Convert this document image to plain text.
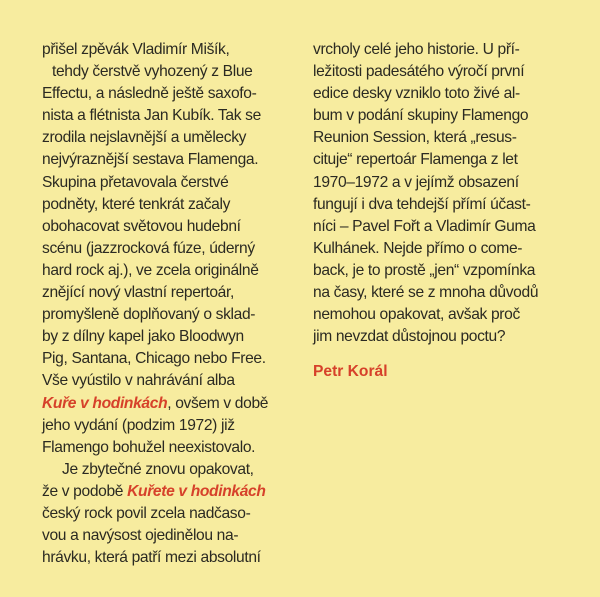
přišel zpěvák Vladimír Mišík,
tehdy čerstvě vyhozený z Blue
Effectu, a následně ještě saxofo-
nista a flétnista Jan Kubík. Tak se
zrodila nejslavnější a umělecky
nejvýraznější sestava Flamenga.
Skupina přetavovala čerstvé
podněty, které tenkrát začaly
obohacovat světovou hudební
scénu (jazzrocková fúze, úderný
hard rock aj.), ve zcela originálně
znějící nový vlastní repertoár,
promyšleně doplňovaný o sklad-
by z dílny kapel jako Bloodwyn
Pig, Santana, Chicago nebo Free.
Vše vyústilo v nahrávání alba
Kuře v hodinkách, ovšem v době
jeho vydání (podzim 1972) již
Flamengo bohužel neexistovalo.
Je zbytečné znovu opakovat,
že v podobě Kuřete v hodinkách
český rock povil zcela nadčaso-
vou a navýsost ojedinělou na-
hrávku, která patří mezi absolutní
vrcholy celé jeho historie. U pří-
ležitosti padesátého výročí první
edice desky vzniklo toto živé al-
bum v podání skupiny Flamengo
Reunion Session, která „resus-
cituje“ repertoár Flamenga z let
1970–1972 a v jejímž obsazení
fungují i dva tehdejší přímí účast-
níci – Pavel Fořt a Vladimír Guma
Kulhánek. Nejde přímo o come-
back, je to prostě „jen“ vzpomínka
na časy, které se z mnoha důvodů
nemohou opakovat, avšak proč
jim nevzdat důstojnou poctu?
Petr Korál
